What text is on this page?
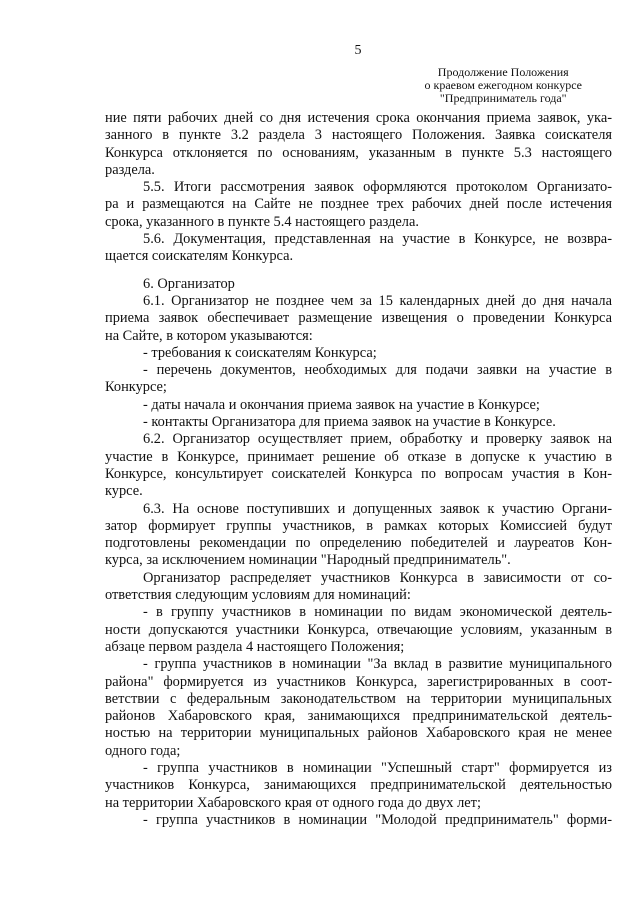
5
Продолжение Положения
о краевом ежегодном конкурсе
"Предприниматель года"
ние пяти рабочих дней со дня истечения срока окончания приема заявок, ука-
занного в пункте 3.2 раздела 3 настоящего Положения. Заявка соискателя
Конкурса отклоняется по основаниям, указанным в пункте 5.3 настоящего
раздела.
5.5. Итоги рассмотрения заявок оформляются протоколом Организато-
ра и размещаются на Сайте не позднее трех рабочих дней после истечения
срока, указанного в пункте 5.4 настоящего раздела.
5.6. Документация, представленная на участие в Конкурсе, не возвра-
щается соискателям Конкурса.
6. Организатор
6.1. Организатор не позднее чем за 15 календарных дней до дня начала
приема заявок обеспечивает размещение извещения о проведении Конкурса
на Сайте, в котором указываются:
- требования к соискателям Конкурса;
- перечень документов, необходимых для подачи заявки на участие в
Конкурсе;
- даты начала и окончания приема заявок на участие в Конкурсе;
- контакты Организатора для приема заявок на участие в Конкурсе.
6.2. Организатор осуществляет прием, обработку и проверку заявок на
участие в Конкурсе, принимает решение об отказе в допуске к участию в
Конкурсе, консультирует соискателей Конкурса по вопросам участия в Кон-
курсе.
6.3. На основе поступивших и допущенных заявок к участию Органи-
затор формирует группы участников, в рамках которых Комиссией будут
подготовлены рекомендации по определению победителей и лауреатов Кон-
курса, за исключением номинации "Народный предприниматель".
Организатор распределяет участников Конкурса в зависимости от со-
ответствия следующим условиям для номинаций:
- в группу участников в номинации по видам экономической деятель-
ности допускаются участники Конкурса, отвечающие условиям, указанным в
абзаце первом раздела 4 настоящего Положения;
- группа участников в номинации "За вклад в развитие муниципального
района" формируется из участников Конкурса, зарегистрированных в соот-
ветствии с федеральным законодательством на территории муниципальных
районов Хабаровского края, занимающихся предпринимательской деятель-
ностью на территории муниципальных районов Хабаровского края не менее
одного года;
- группа участников в номинации "Успешный старт" формируется из
участников Конкурса, занимающихся предпринимательской деятельностью
на территории Хабаровского края от одного года до двух лет;
- группа участников в номинации "Молодой предприниматель" форми-
